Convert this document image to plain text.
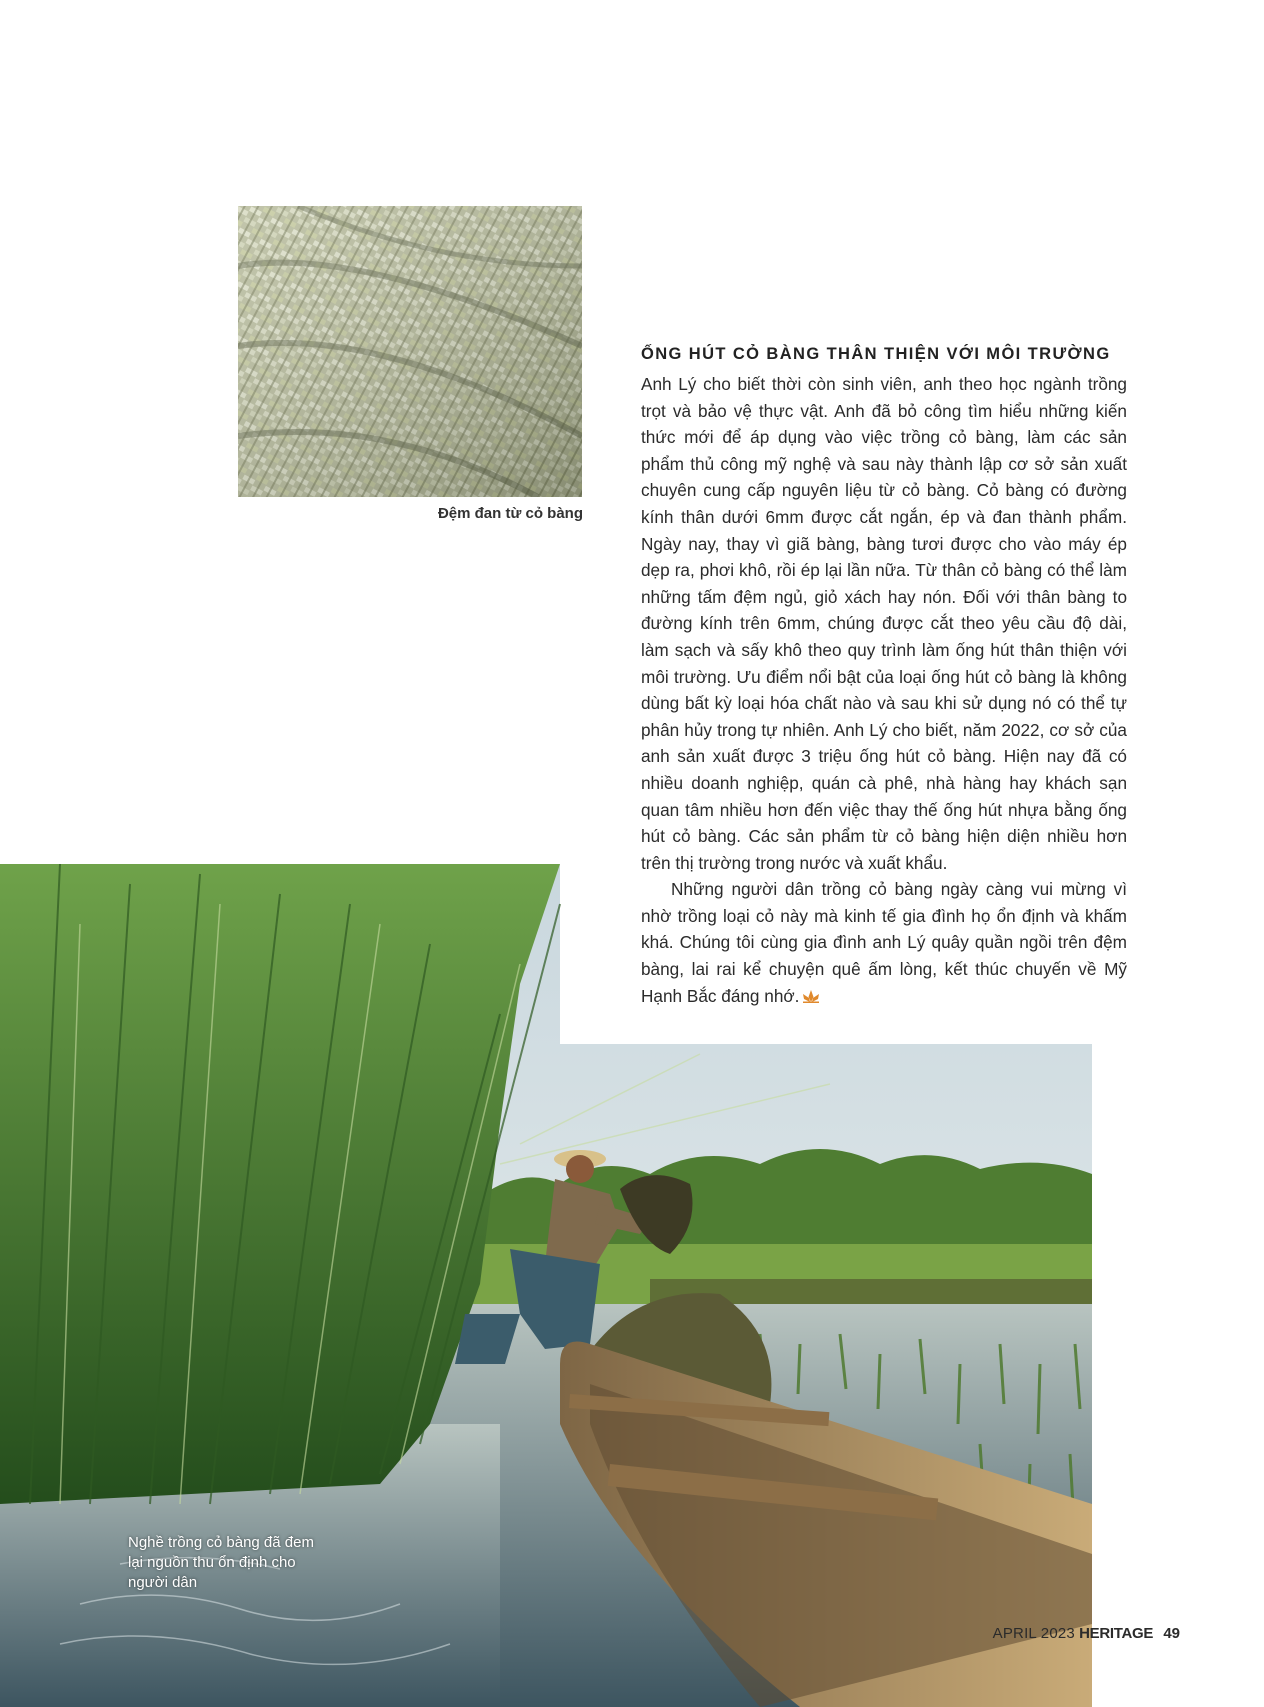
Đệm đan từ cỏ bàng
ỐNG HÚT CỎ BÀNG THÂN THIỆN VỚI MÔI TRƯỜNG

Anh Lý cho biết thời còn sinh viên, anh theo học ngành trồng trọt và bảo vệ thực vật. Anh đã bỏ công tìm hiểu những kiến thức mới để áp dụng vào việc trồng cỏ bàng, làm các sản phẩm thủ công mỹ nghệ và sau này thành lập cơ sở sản xuất chuyên cung cấp nguyên liệu từ cỏ bàng. Cỏ bàng có đường kính thân dưới 6mm được cắt ngắn, ép và đan thành phẩm. Ngày nay, thay vì giã bàng, bàng tươi được cho vào máy ép dẹp ra, phơi khô, rồi ép lại lần nữa. Từ thân cỏ bàng có thể làm những tấm đệm ngủ, giỏ xách hay nón. Đối với thân bàng to đường kính trên 6mm, chúng được cắt theo yêu cầu độ dài, làm sạch và sấy khô theo quy trình làm ống hút thân thiện với môi trường. Ưu điểm nổi bật của loại ống hút cỏ bàng là không dùng bất kỳ loại hóa chất nào và sau khi sử dụng nó có thể tự phân hủy trong tự nhiên. Anh Lý cho biết, năm 2022, cơ sở của anh sản xuất được 3 triệu ống hút cỏ bàng. Hiện nay đã có nhiều doanh nghiệp, quán cà phê, nhà hàng hay khách sạn quan tâm nhiều hơn đến việc thay thế ống hút nhựa bằng ống hút cỏ bàng. Các sản phẩm từ cỏ bàng hiện diện nhiều hơn trên thị trường trong nước và xuất khẩu.

Những người dân trồng cỏ bàng ngày càng vui mừng vì nhờ trồng loại cỏ này mà kinh tế gia đình họ ổn định và khấm khá. Chúng tôi cùng gia đình anh Lý quây quần ngồi trên đệm bàng, lai rai kể chuyện quê ấm lòng, kết thúc chuyến về Mỹ Hạnh Bắc đáng nhớ.

Nghề trồng cỏ bàng đã đem lại nguồn thu ổn định cho người dân
APRIL 2023 HERITAGE 49
